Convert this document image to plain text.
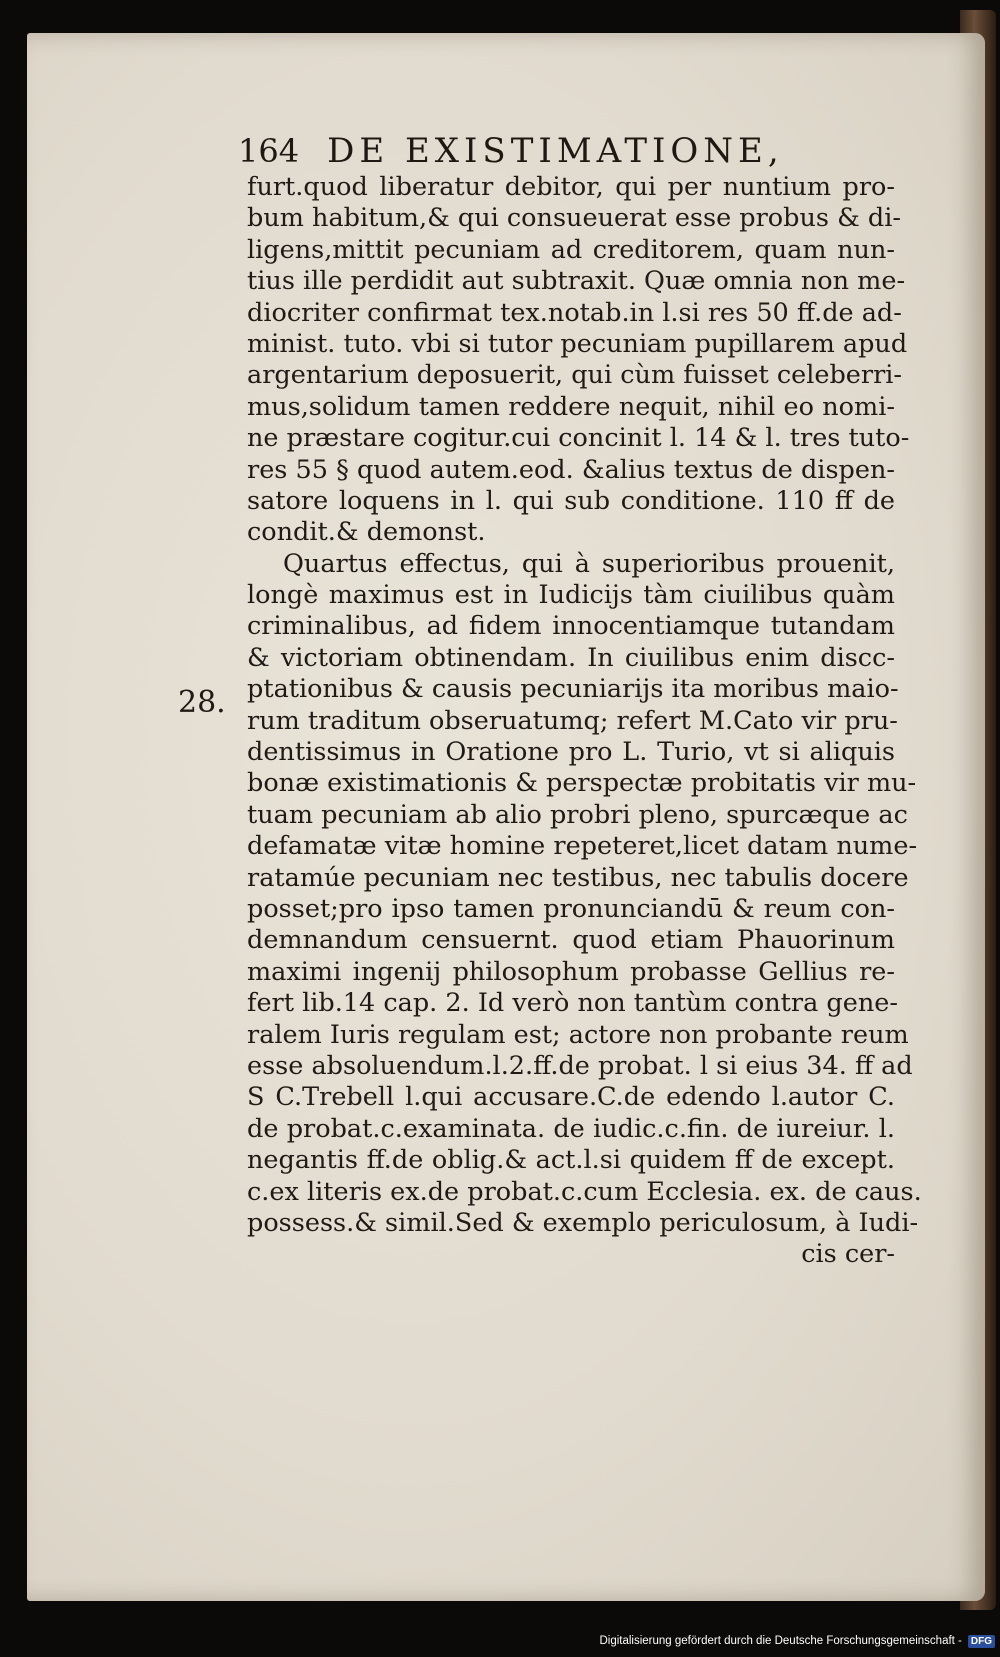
164 DE EXISTIMATIONE,
28.
furt.quod liberatur debitor, qui per nuntium pro-
bum habitum,& qui consueuerat esse probus & di-
ligens,mittit pecuniam ad creditorem, quam nun-
tius ille perdidit aut subtraxit. Quæ omnia non me-
diocriter confirmat tex.notab.in l.si res 50 ff.de ad-
minist. tuto. vbi si tutor pecuniam pupillarem apud
argentarium deposuerit, qui cùm fuisset celeberri-
mus,solidum tamen reddere nequit, nihil eo nomi-
ne præstare cogitur.cui concinit l. 14 & l. tres tuto-
res 55 § quod autem.eod. &alius textus de dispen-
satore loquens in l. qui sub conditione. 110 ff de
condit.& demonst.
Quartus effectus, qui à superioribus prouenit,
longè maximus est in Iudicijs tàm ciuilibus quàm
criminalibus, ad fidem innocentiamque tutandam
& victoriam obtinendam. In ciuilibus enim discc-
ptationibus & causis pecuniarijs ita moribus maio-
rum traditum obseruatumq; refert M.Cato vir pru-
dentissimus in Oratione pro L. Turio, vt si aliquis
bonæ existimationis & perspectæ probitatis vir mu-
tuam pecuniam ab alio probri pleno, spurcæque ac
defamatæ vitæ homine repeteret,licet datam nume-
ratamúe pecuniam nec testibus, nec tabulis docere
posset;pro ipso tamen pronunciandū & reum con-
demnandum censuernt. quod etiam Phauorinum
maximi ingenij philosophum probasse Gellius re-
fert lib.14 cap. 2. Id verò non tantùm contra gene-
ralem Iuris regulam est; actore non probante reum
esse absoluendum.l.2.ff.de probat. l si eius 34. ff ad
S C.Trebell l.qui accusare.C.de edendo l.autor C.
de probat.c.examinata. de iudic.c.fin. de iureiur. l.
negantis ff.de oblig.& act.l.si quidem ff de except.
c.ex literis ex.de probat.c.cum Ecclesia. ex. de caus.
possess.& simil.Sed & exemplo periculosum, à Iudi-
cis cer-
Digitalisierung gefördert durch die Deutsche Forschungsgemeinschaft - DFG
